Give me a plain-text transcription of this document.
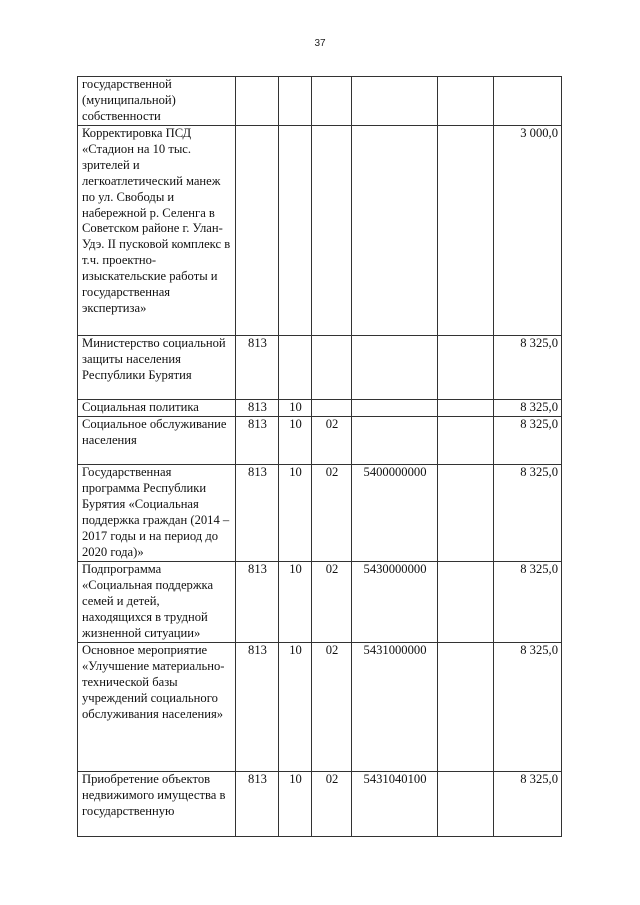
37
государственной (муниципальной) собственности						
Корректировка ПСД «Стадион на 10 тыс. зрителей и легкоатлетический манеж по ул. Свободы и набережной р. Селенга в Советском районе г. Улан-Удэ. II пусковой комплекс в т.ч. проектно-изыскательские работы и государственная экспертиза»						3 000,0
Министерство социальной защиты населения Республики Бурятия	813					8 325,0
Социальная политика	813	10				8 325,0
Социальное обслуживание населения	813	10	02			8 325,0
Государственная программа Республики Бурятия «Социальная поддержка граждан (2014 – 2017 годы и на период до 2020 года)»	813	10	02	5400000000		8 325,0
Подпрограмма «Социальная поддержка семей и детей, находящихся в трудной жизненной ситуации»	813	10	02	5430000000		8 325,0
Основное мероприятие «Улучшение материально-технической базы учреждений социального обслуживания населения»	813	10	02	5431000000		8 325,0
Приобретение объектов недвижимого имущества в государственную	813	10	02	5431040100		8 325,0
